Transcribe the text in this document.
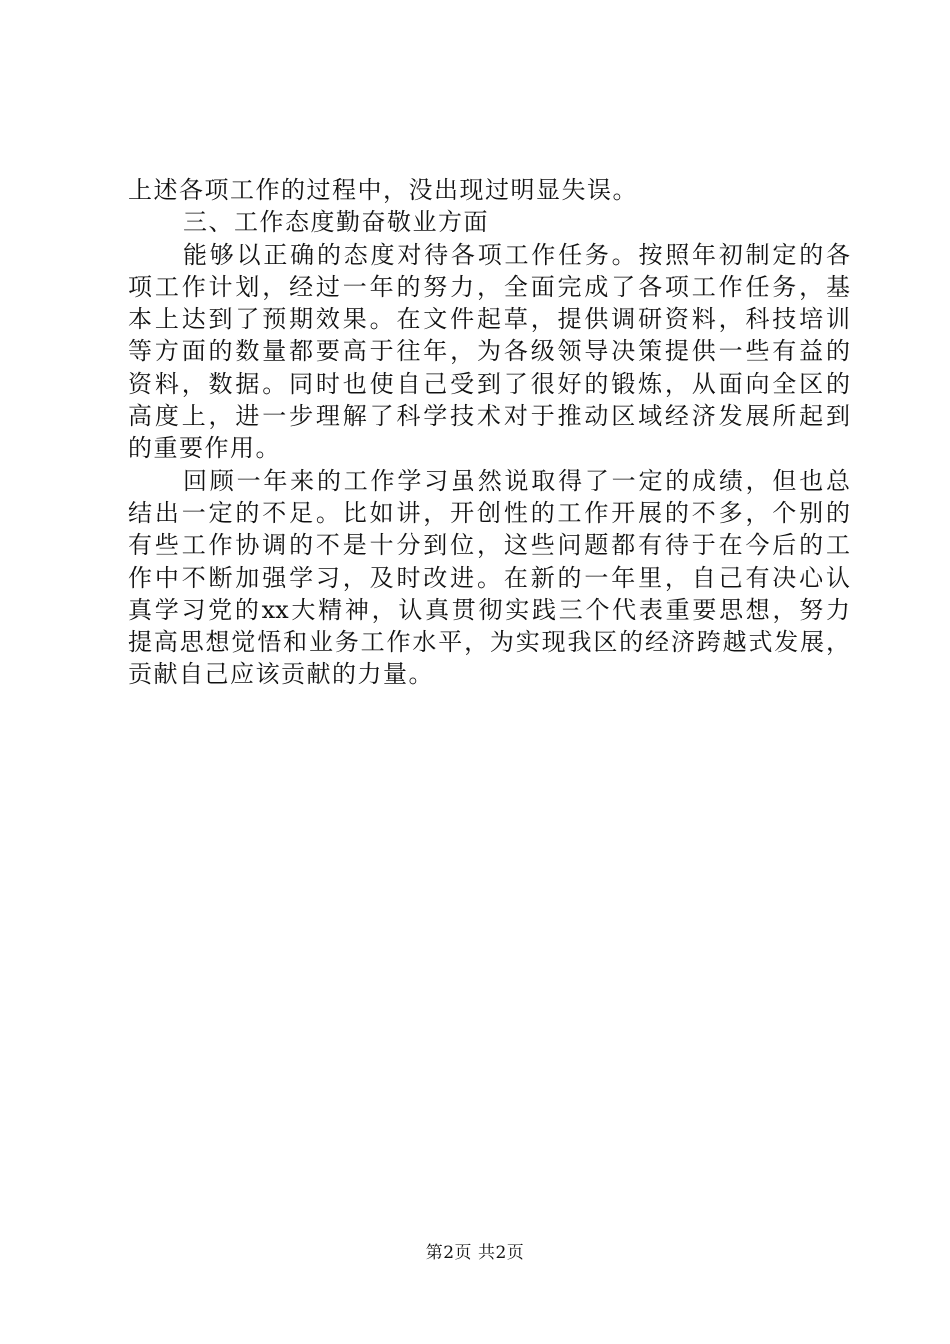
上述各项工作的过程中，没出现过明显失误。
三、工作态度勤奋敬业方面
能够以正确的态度对待各项工作任务。按照年初制定的各
项工作计划，经过一年的努力，全面完成了各项工作任务，基
本上达到了预期效果。在文件起草，提供调研资料，科技培训
等方面的数量都要高于往年，为各级领导决策提供一些有益的
资料，数据。同时也使自己受到了很好的锻炼，从面向全区的
高度上，进一步理解了科学技术对于推动区域经济发展所起到
的重要作用。
回顾一年来的工作学习虽然说取得了一定的成绩，但也总
结出一定的不足。比如讲，开创性的工作开展的不多，个别的
有些工作协调的不是十分到位，这些问题都有待于在今后的工
作中不断加强学习，及时改进。在新的一年里，自己有决心认
真学习党的xx大精神，认真贯彻实践三个代表重要思想，努力
提高思想觉悟和业务工作水平，为实现我区的经济跨越式发展，
贡献自己应该贡献的力量。
第2页 共2页
